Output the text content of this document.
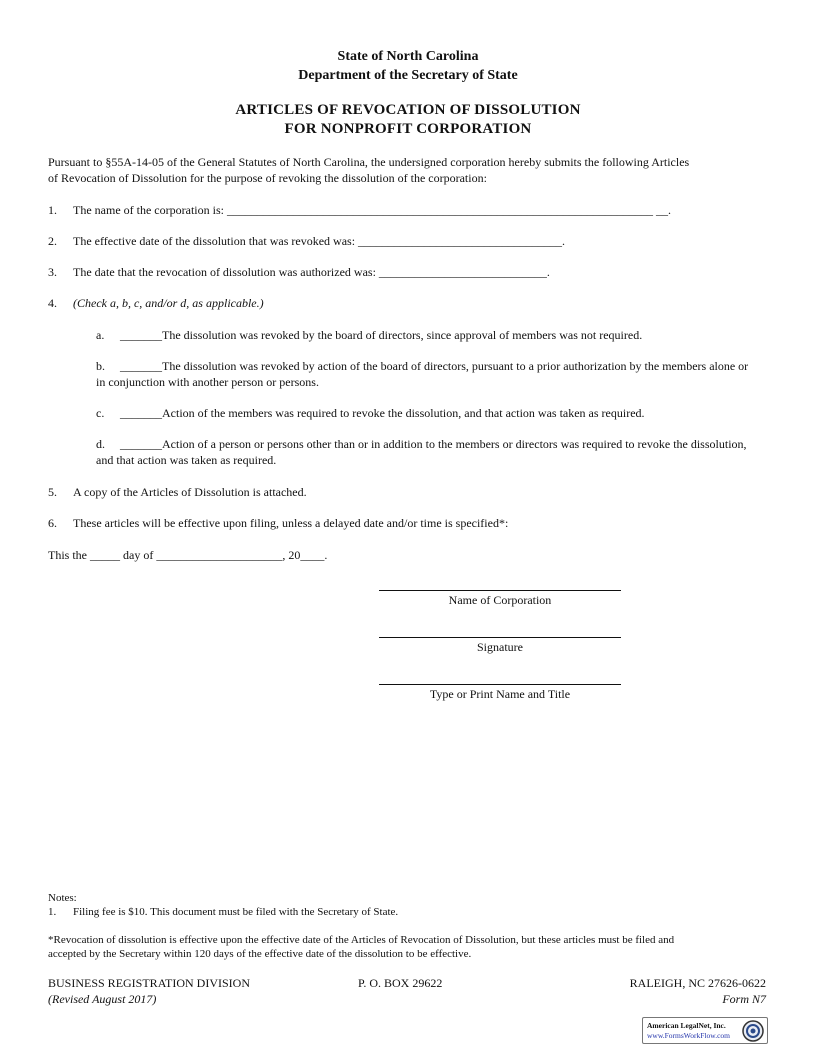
State of North Carolina
Department of the Secretary of State
ARTICLES OF REVOCATION OF DISSOLUTION
FOR NONPROFIT CORPORATION
Pursuant to §55A-14-05 of the General Statutes of North Carolina, the undersigned corporation hereby submits the following Articles
of Revocation of Dissolution for the purpose of revoking the dissolution of the corporation:
1. The name of the corporation is: _______________________________________________________________________ __.
2. The effective date of the dissolution that was revoked was: __________________________________.
3. The date that the revocation of dissolution was authorized was: ____________________________.
4. (Check a, b, c, and/or d, as applicable.)
a. _______The dissolution was revoked by the board of directors, since approval of members was not required.
b. _______The dissolution was revoked by action of the board of directors, pursuant to a prior authorization by the members alone or in conjunction with another person or persons.
c. _______Action of the members was required to revoke the dissolution, and that action was taken as required.
d. _______Action of a person or persons other than or in addition to the members or directors was required to revoke the dissolution, and that action was taken as required.
5. A copy of the Articles of Dissolution is attached.
6. These articles will be effective upon filing, unless a delayed date and/or time is specified*:
This the _____ day of _____________________, 20____.
Name of Corporation
Signature
Type or Print Name and Title
Notes:
1. Filing fee is $10. This document must be filed with the Secretary of State.
*Revocation of dissolution is effective upon the effective date of the Articles of Revocation of Dissolution, but these articles must be filed and
accepted by the Secretary within 120 days of the effective date of the dissolution to be effective.
BUSINESS REGISTRATION DIVISION	P. O. BOX 29622	RALEIGH, NC 27626-0622
(Revised August 2017)	Form N7
American LegalNet, Inc.
www.FormsWorkFlow.com
